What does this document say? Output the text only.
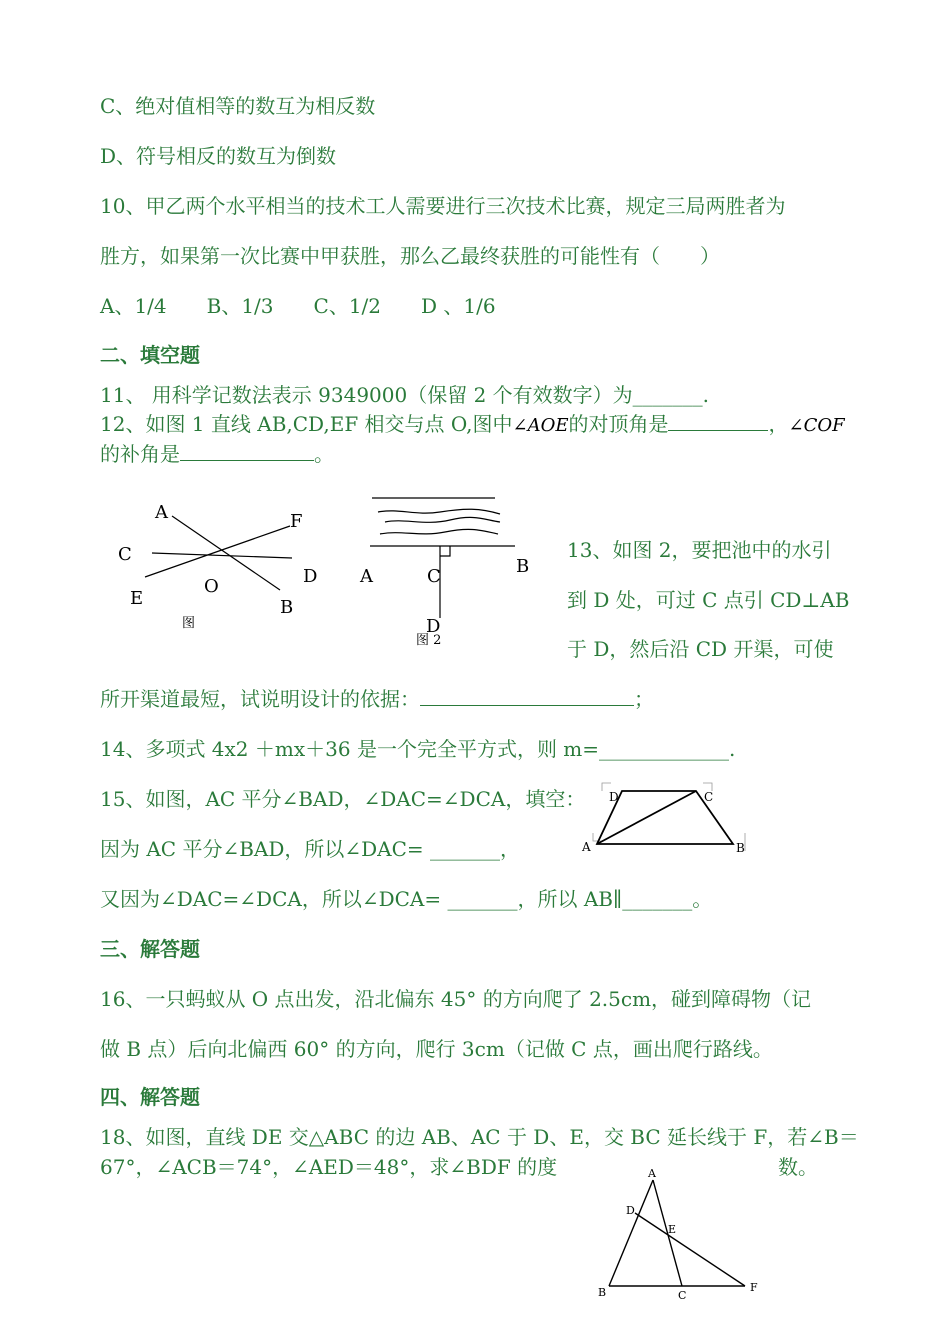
C、绝对值相等的数互为相反数
D、符号相反的数互为倒数
10、甲乙两个水平相当的技术工人需要进行三次技术比赛，规定三局两胜者为
胜方，如果第一次比赛中甲获胜，那么乙最终获胜的可能性有（　　）
A、1/4　　B、1/3　　C、1/2　　D 、1/6
二、填空题
11、 用科学记数法表示 9349000（保留 2 个有效数字）为_______.
12、如图 1 直线 AB,CD,EF 相交与点 O,图中∠AOE的对顶角是	，∠COF
的补角是	。
A	F
C
D
O
E	B
图
A	C	B
D
图 2
13、如图 2，要把池中的水引
到 D 处，可过 C 点引 CD⊥AB
于 D，然后沿 CD 开渠，可使
所开渠道最短，试说明设计的依据：	；
14、多项式 4x2 ＋mx＋36 是一个完全平方式，则 m=_____________.
15、如图，AC 平分∠BAD，∠DAC=∠DCA，填空：
因为 AC 平分∠BAD，所以∠DAC= _______，
又因为∠DAC=∠DCA，所以∠DCA= _______，所以 AB∥_______。
D	C
A	B
三、解答题
16、一只蚂蚁从 O 点出发，沿北偏东 45° 的方向爬了 2.5cm，碰到障碍物（记
做 B 点）后向北偏西 60° 的方向，爬行 3cm（记做 C 点，画出爬行路线。
四、解答题
18、如图，直线 DE 交△ABC 的边 AB、AC 于 D、E，交 BC 延长线于 F，若∠B＝
67°，∠ACB＝74°，∠AED＝48°，求∠BDF 的度	数。
A
D
E
B	C
F
